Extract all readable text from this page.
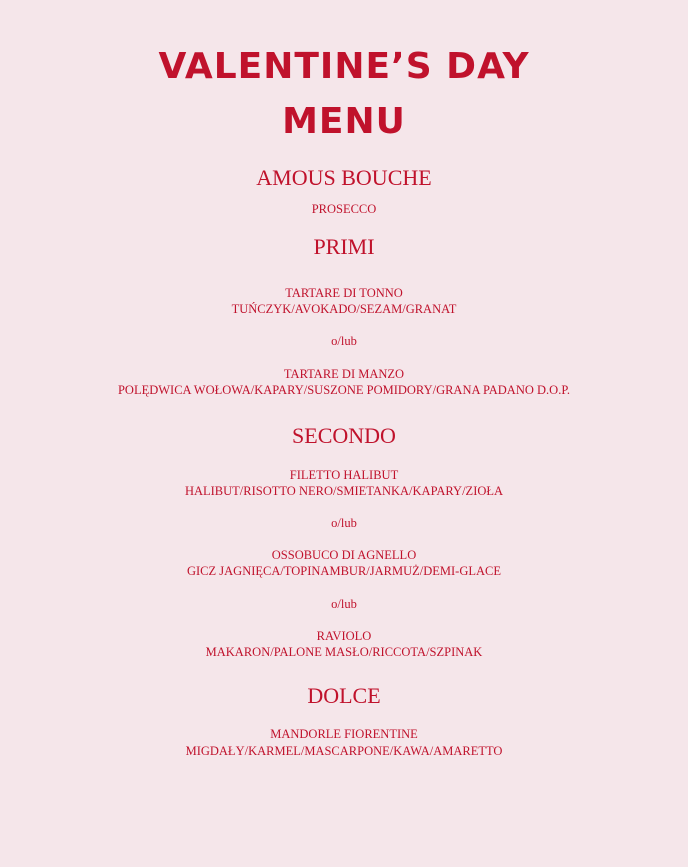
VALENTINE’S DAY
MENU
AMOUS BOUCHE
PROSECCO
PRIMI
TARTARE DI TONNO
TUŃCZYK/AVOKADO/SEZAM/GRANAT
o/lub
TARTARE DI MANZO
POLĘDWICA WOŁOWA/KAPARY/SUSZONE POMIDORY/GRANA PADANO D.O.P.
SECONDO
FILETTO HALIBUT
HALIBUT/RISOTTO NERO/SMIETANKA/KAPARY/ZIOŁA
o/lub
OSSOBUCO DI AGNELLO
GICZ JAGNIĘCA/TOPINAMBUR/JARMUŻ/DEMI-GLACE
o/lub
RAVIOLO
MAKARON/PALONE MASŁO/RICCOTA/SZPINAK
DOLCE
MANDORLE FIORENTINE
MIGDAŁY/KARMEL/MASCARPONE/KAWA/AMARETTO
